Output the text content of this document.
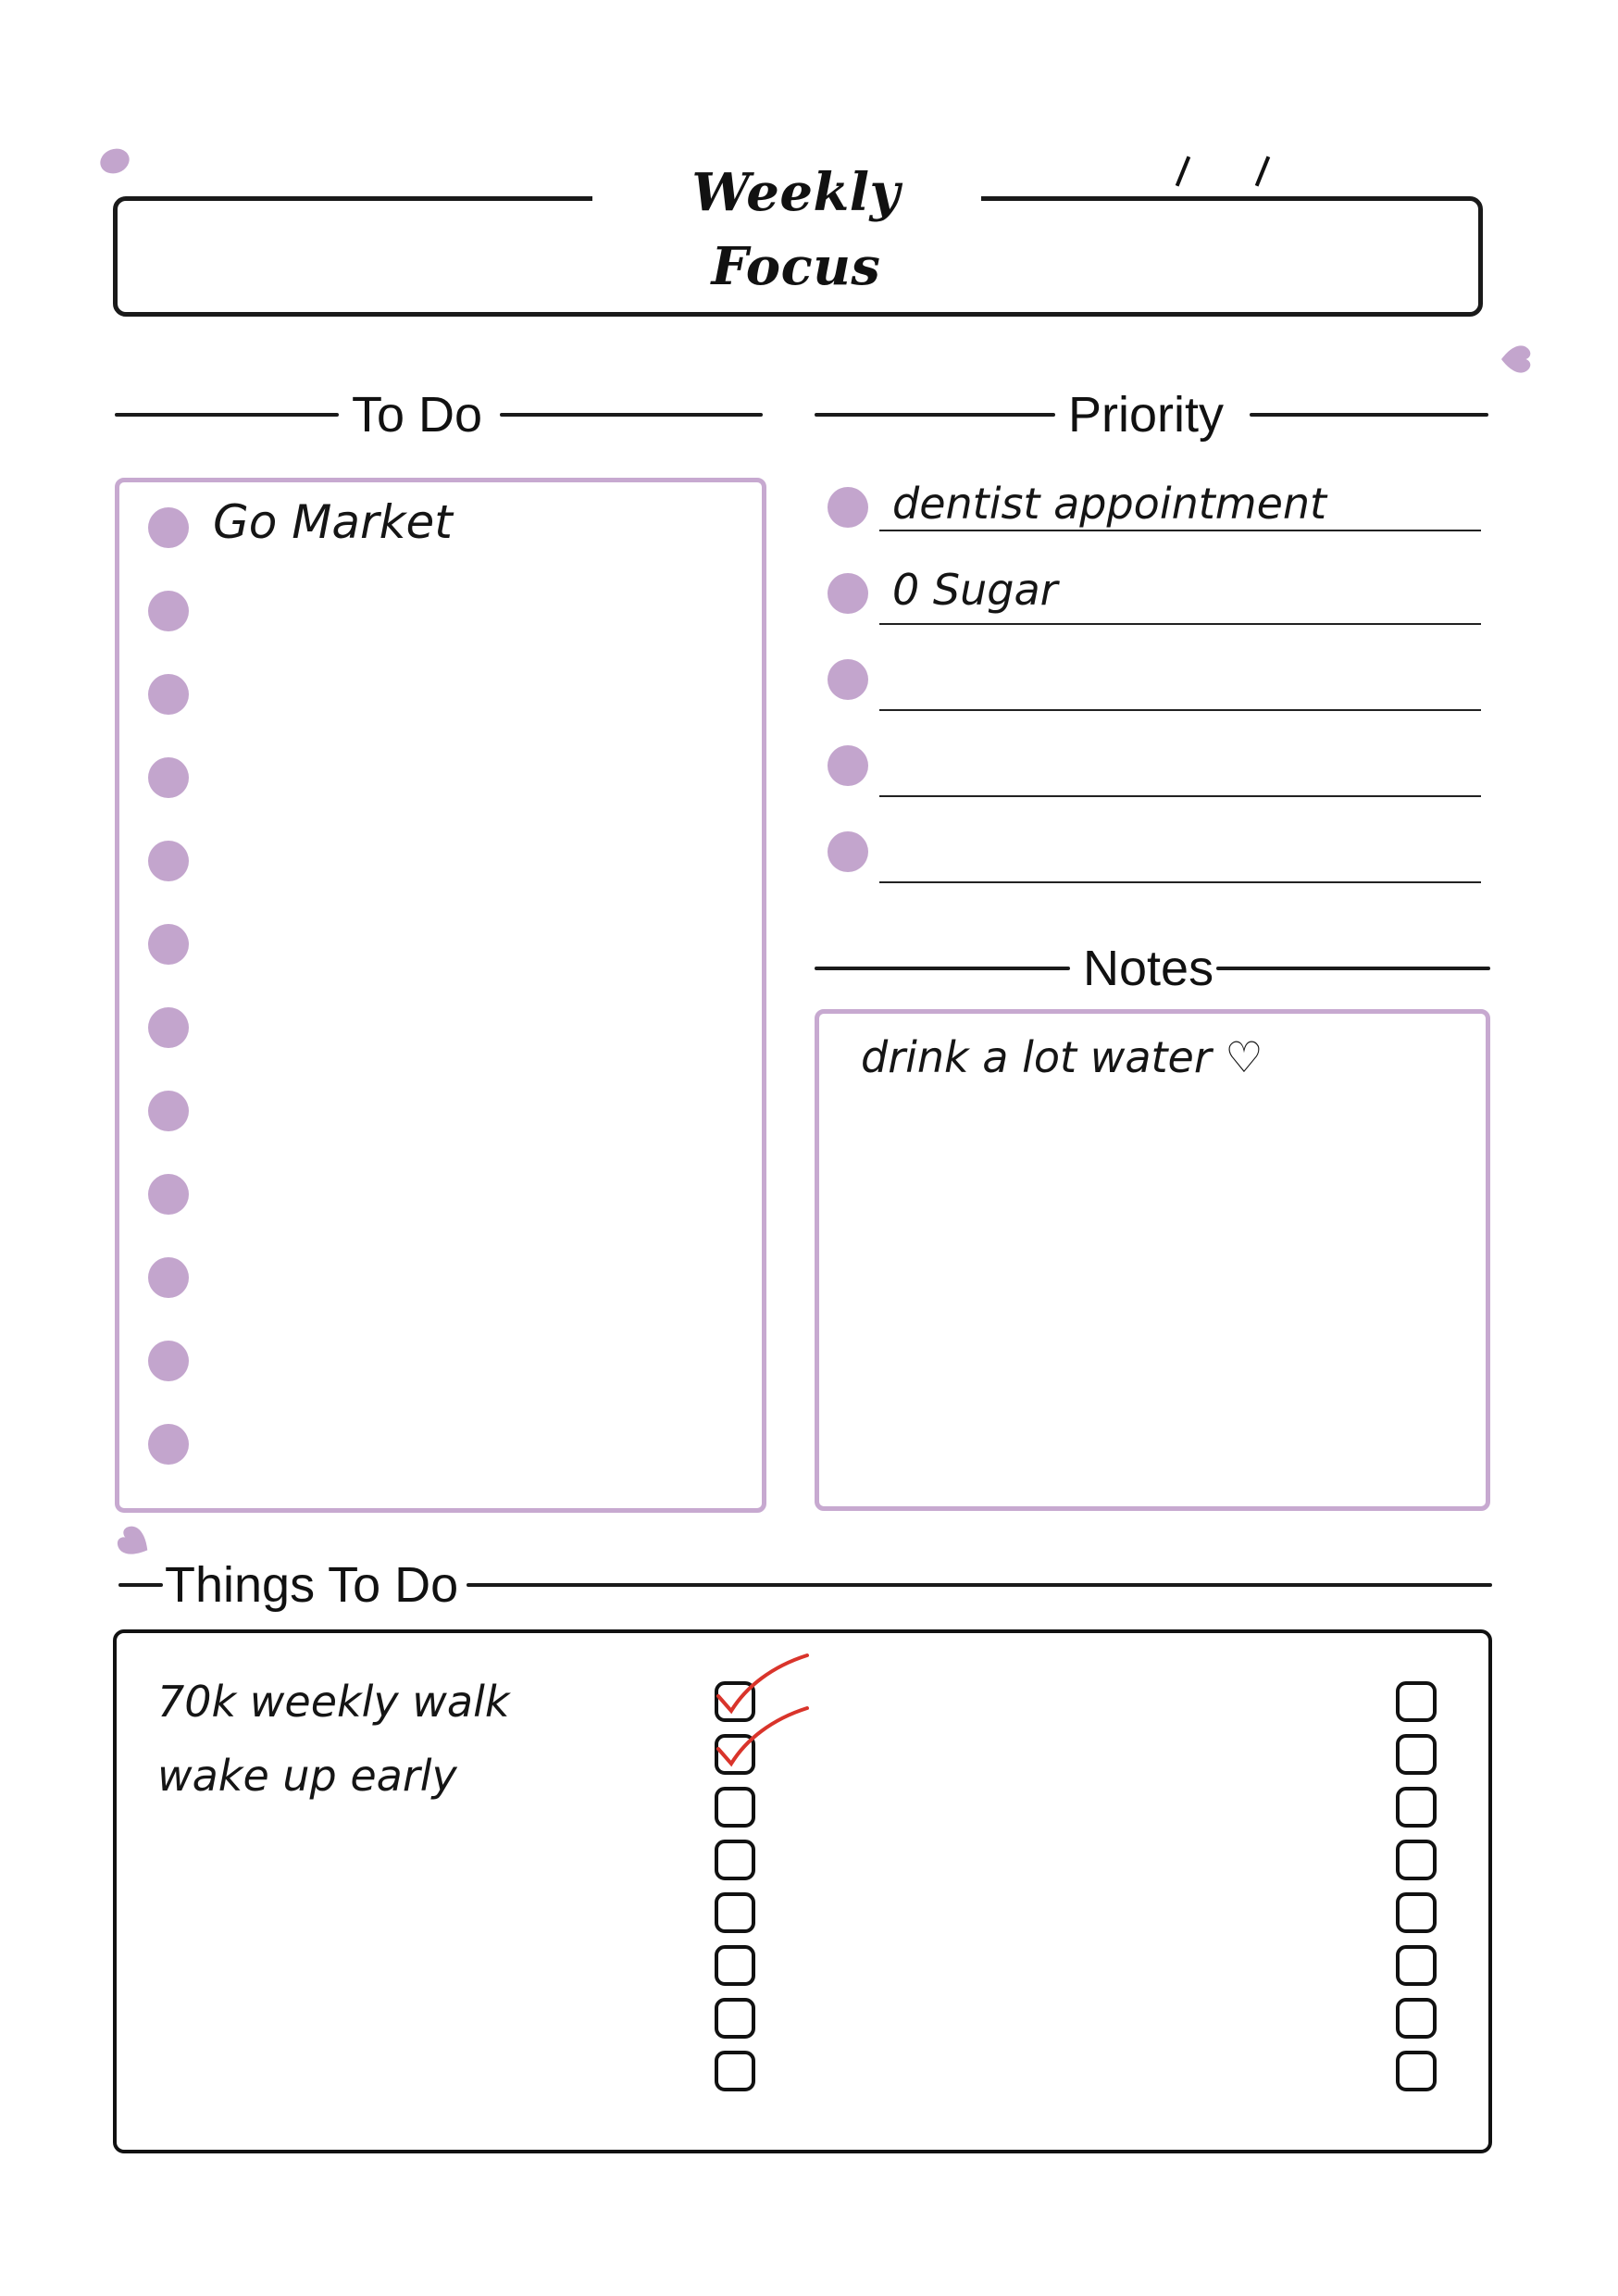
Weekly Focus
To Do
Go Market
Priority
dentist appointment
0 Sugar
Notes
drink a lot water ♡
Things To Do
70k weekly walk
wake up early
